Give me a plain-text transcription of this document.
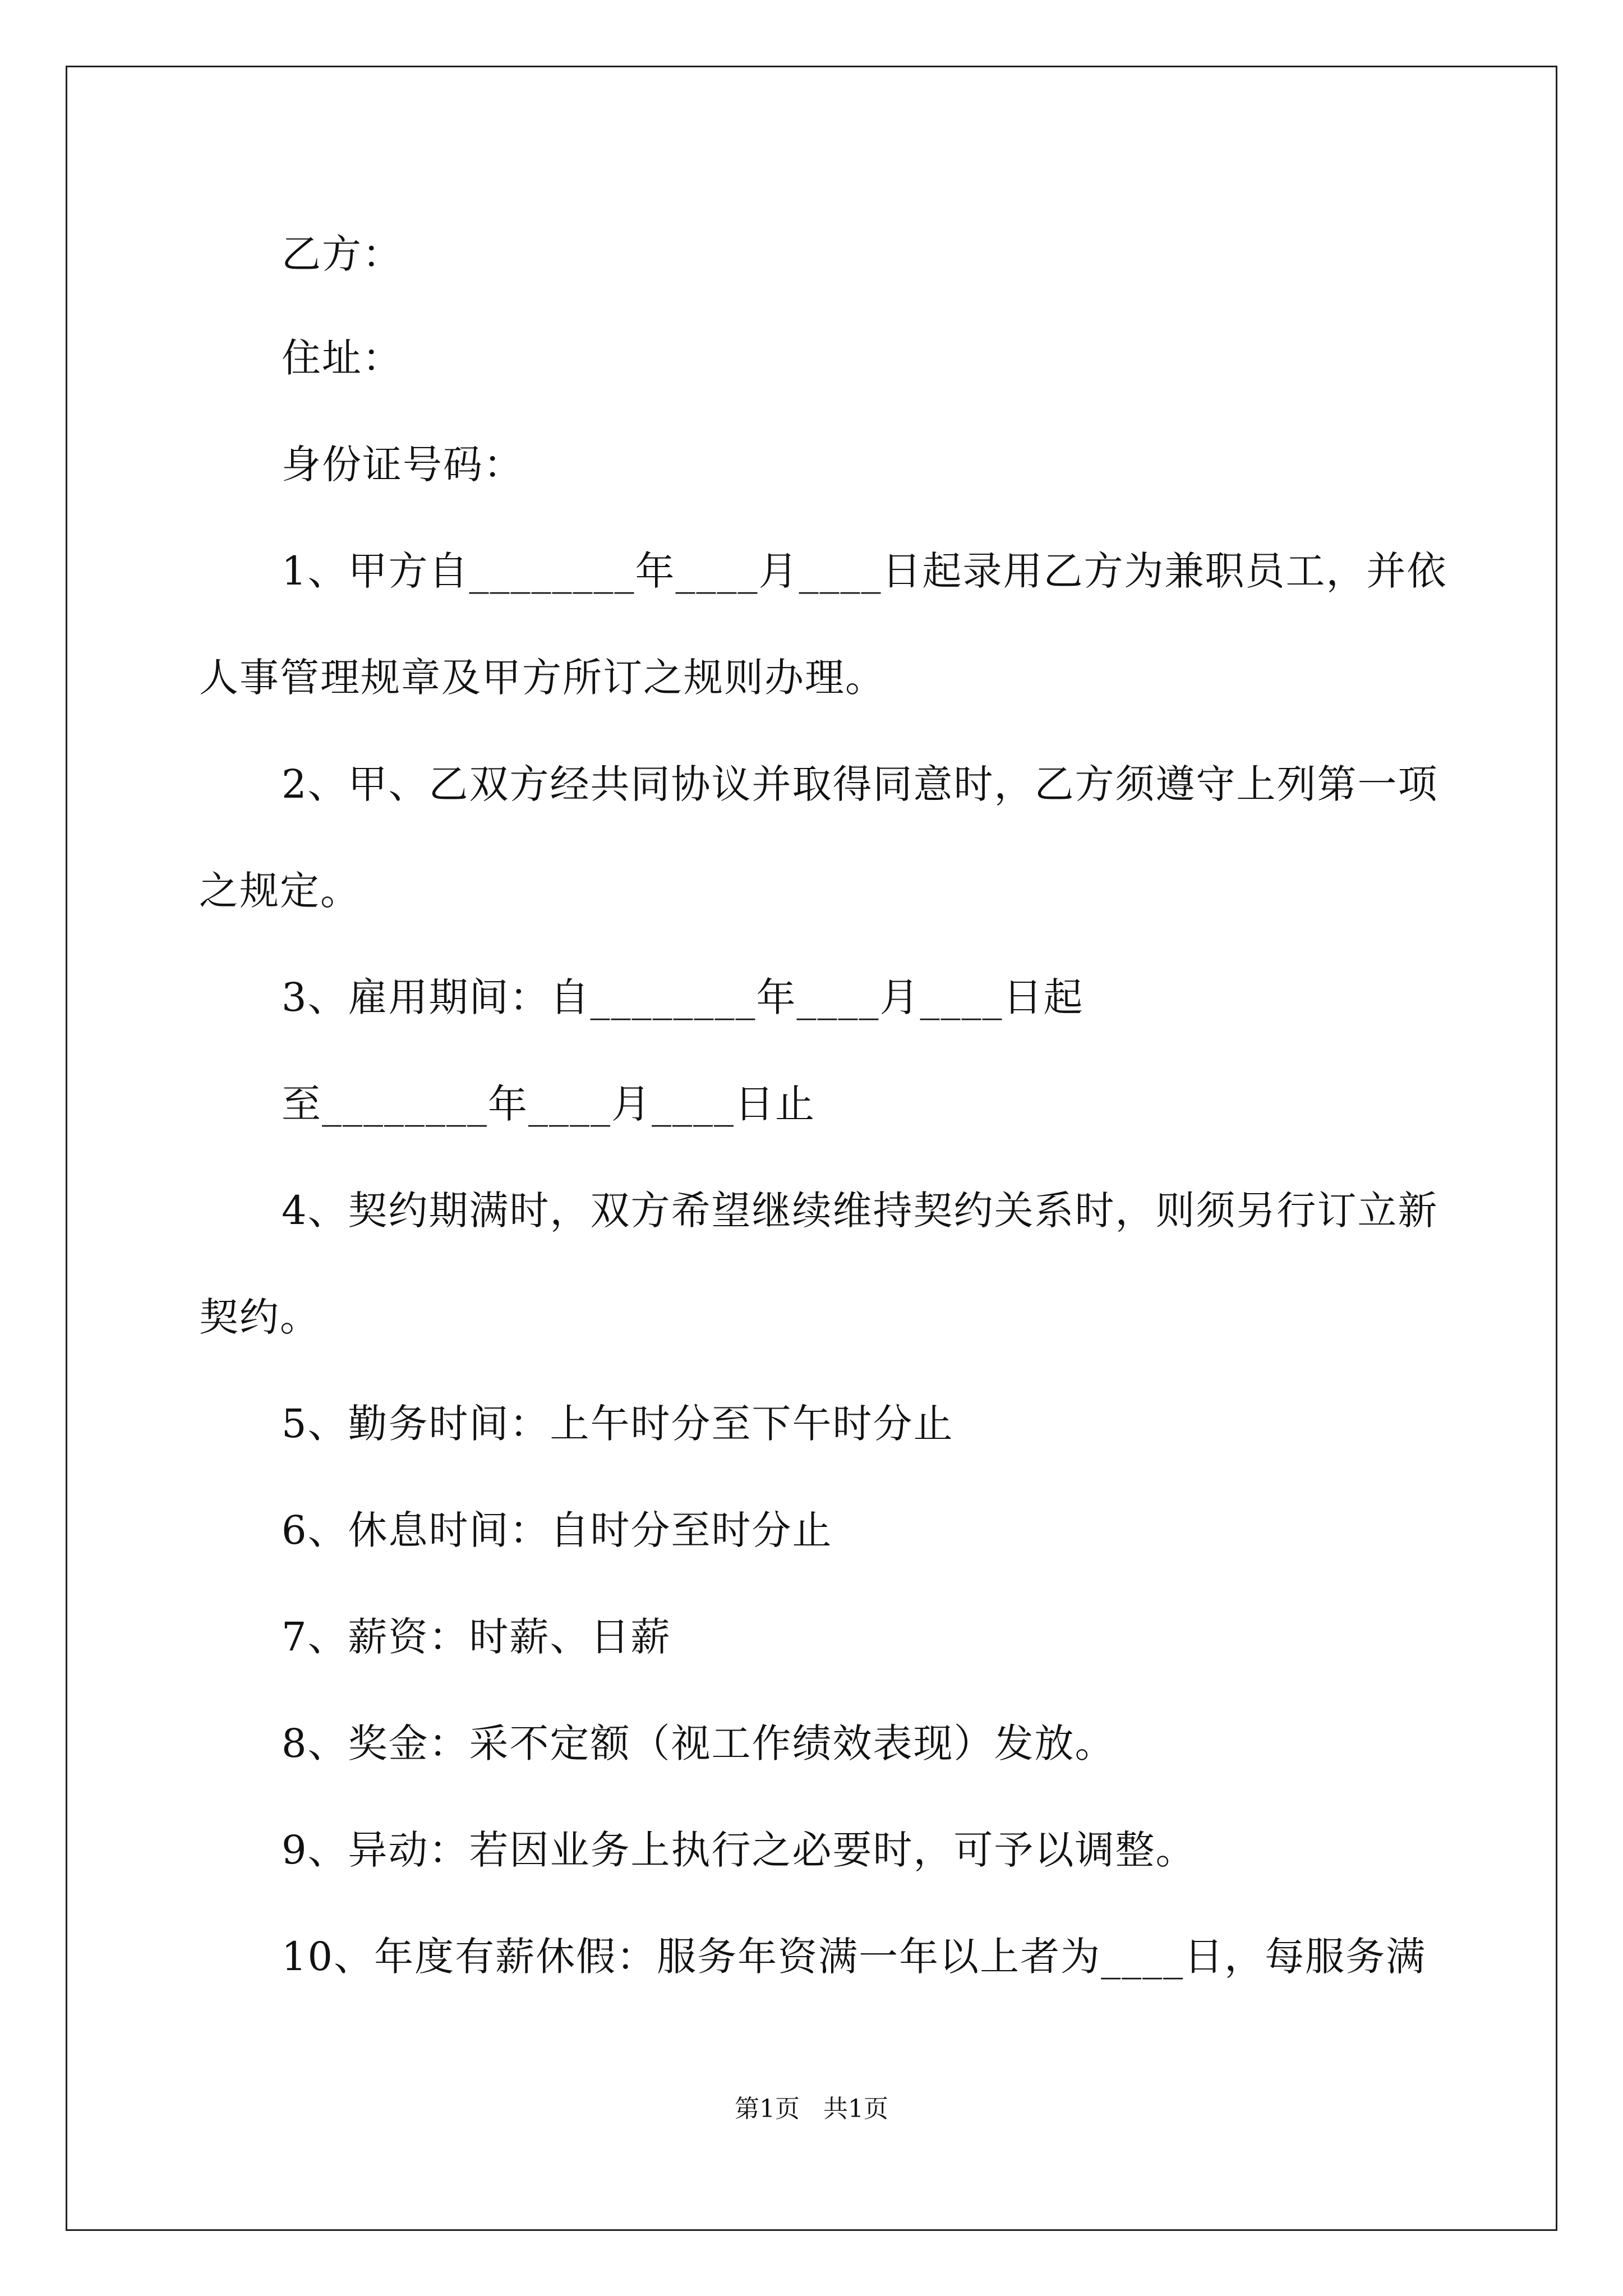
乙方：
住址：
身份证号码：
1、甲方自________年____月____日起录用乙方为兼职员工，并依
人事管理规章及甲方所订之规则办理。
2、甲、乙双方经共同协议并取得同意时，乙方须遵守上列第一项
之规定。
3、雇用期间：自________年____月____日起
至________年____月____日止
4、契约期满时，双方希望继续维持契约关系时，则须另行订立新
契约。
5、勤务时间：上午时分至下午时分止
6、休息时间：自时分至时分止
7、薪资：时薪、日薪
8、奖金：采不定额（视工作绩效表现）发放。
9、异动：若因业务上执行之必要时，可予以调整。
10、年度有薪休假：服务年资满一年以上者为____日，每服务满
第1页   共1页
